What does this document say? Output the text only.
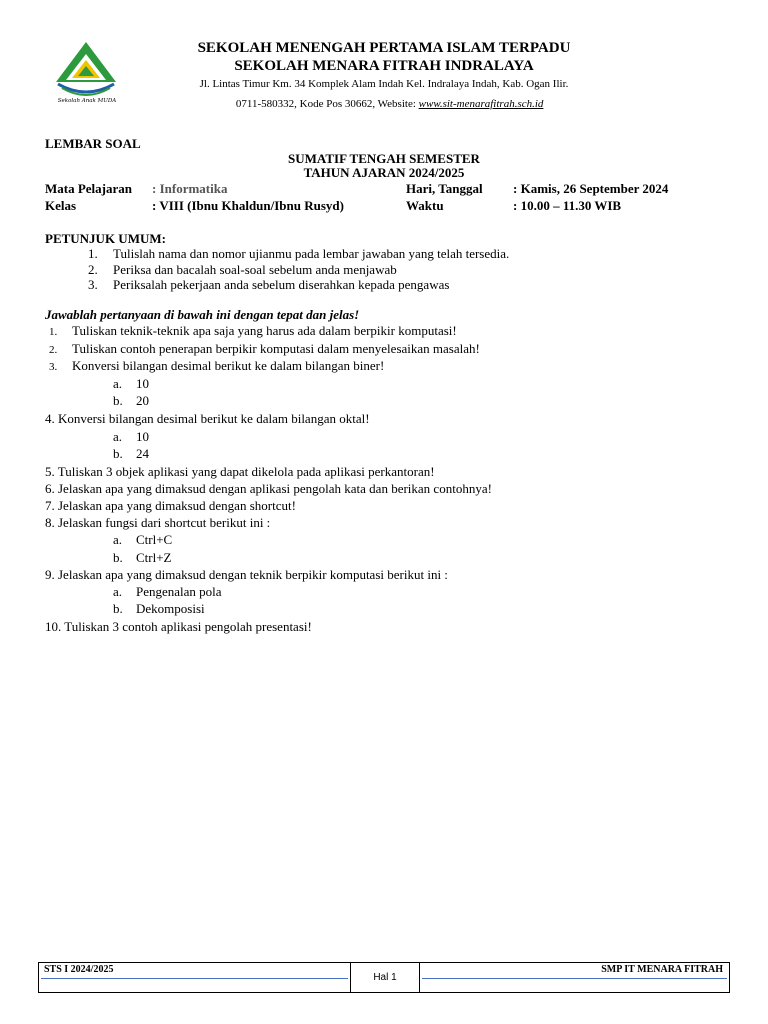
Sekolah Anak MUDA
SEKOLAH MENENGAH PERTAMA ISLAM TERPADU
SEKOLAH MENARA FITRAH INDRALAYA
Jl. Lintas Timur Km. 34 Komplek Alam Indah Kel. Indralaya Indah, Kab. Ogan Ilir.
0711-580332, Kode Pos 30662, Website: www.sit-menarafitrah.sch.id
LEMBAR SOAL
SUMATIF TENGAH SEMESTER
TAHUN AJARAN 2024/2025
Mata Pelajaran : Informatika	Hari, Tanggal : Kamis, 26 September 2024
Kelas	: VIII (Ibnu Khaldun/Ibnu Rusyd)	Waktu	: 10.00 – 11.30 WIB
PETUNJUK UMUM:
1. Tulislah nama dan nomor ujianmu pada lembar jawaban yang telah tersedia.
2. Periksa dan bacalah soal-soal sebelum anda menjawab
3. Periksalah pekerjaan anda sebelum diserahkan kepada pengawas
Jawablah pertanyaan di bawah ini dengan tepat dan jelas!
1. Tuliskan teknik-teknik apa saja yang harus ada dalam berpikir komputasi!
2. Tuliskan contoh penerapan berpikir komputasi dalam menyelesaikan masalah!
3. Konversi bilangan desimal berikut ke dalam bilangan biner!
a. 10
b. 20
4. Konversi bilangan desimal berikut ke dalam bilangan oktal!
a. 10
b. 24
5. Tuliskan 3 objek aplikasi yang dapat dikelola pada aplikasi perkantoran!
6. Jelaskan apa yang dimaksud dengan aplikasi pengolah kata dan berikan contohnya!
7. Jelaskan apa yang dimaksud dengan shortcut!
8. Jelaskan fungsi dari shortcut berikut ini :
a. Ctrl+C
b. Ctrl+Z
9. Jelaskan apa yang dimaksud dengan teknik berpikir komputasi berikut ini :
a. Pengenalan pola
b. Dekomposisi
10. Tuliskan 3 contoh aplikasi pengolah presentasi!
STS I 2024/2025
Hal 1
SMP IT MENARA FITRAH
